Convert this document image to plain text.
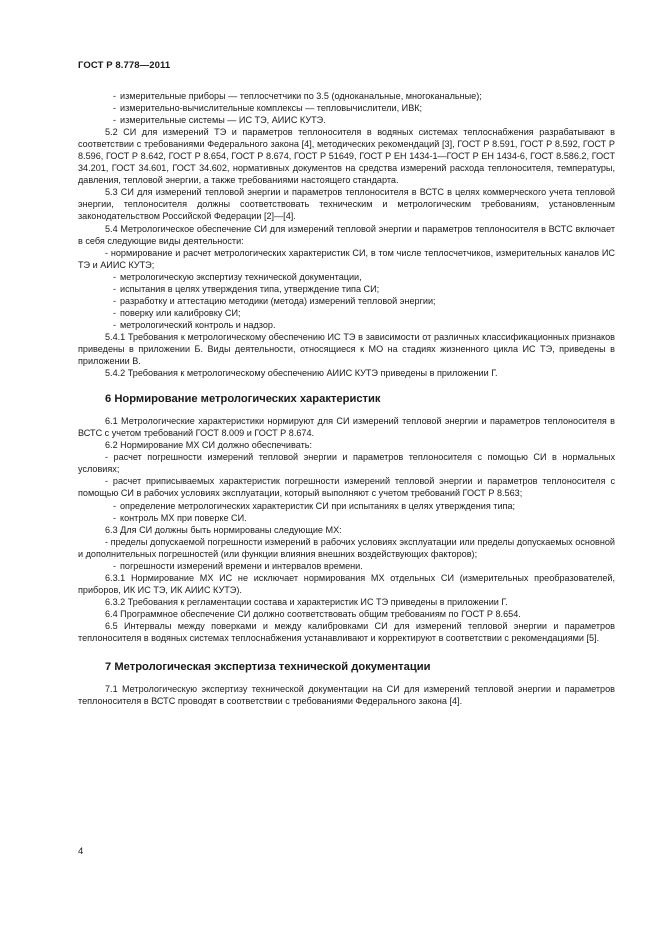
ГОСТ Р 8.778—2011
- измерительные приборы — теплосчетчики по 3.5 (одноканальные, многоканальные);
- измерительно-вычислительные комплексы — тепловычислители, ИВК;
- измерительные системы — ИС ТЭ, АИИС КУТЭ.

5.2 СИ для измерений ТЭ и параметров теплоносителя в водяных системах теплоснабжения разрабатывают в соответствии с требованиями Федерального закона [4], методических рекомендаций [3], ГОСТ Р 8.591, ГОСТ Р 8.592, ГОСТ Р 8.596, ГОСТ Р 8.642, ГОСТ Р 8.654, ГОСТ Р 8.674, ГОСТ Р 51649, ГОСТ Р ЕН 1434-1—ГОСТ Р ЕН 1434-6, ГОСТ 8.586.2, ГОСТ 34.201, ГОСТ 34.601, ГОСТ 34.602, нормативных документов на средства измерений расхода теплоносителя, температуры, давления, тепловой энергии, а также требованиями настоящего стандарта.

5.3 СИ для измерений тепловой энергии и параметров теплоносителя в ВСТС в целях коммерческого учета тепловой энергии, теплоносителя должны соответствовать техническим и метрологическим требованиям, установленным законодательством Российской Федерации [2]—[4].

5.4 Метрологическое обеспечение СИ для измерений тепловой энергии и параметров теплоносителя в ВСТС включает в себя следующие виды деятельности:

- нормирование и расчет метрологических характеристик СИ, в том числе теплосчетчиков, измерительных каналов ИС ТЭ и АИИС КУТЭ;
- метрологическую экспертизу технической документации,
- испытания в целях утверждения типа, утверждение типа СИ;
- разработку и аттестацию методики (метода) измерений тепловой энергии;
- поверку или калибровку СИ;
- метрологический контроль и надзор.

5.4.1 Требования к метрологическому обеспечению ИС ТЭ в зависимости от различных классификационных признаков приведены в приложении Б. Виды деятельности, относящиеся к МО на стадиях жизненного цикла ИС ТЭ, приведены в приложении В.

5.4.2 Требования к метрологическому обеспечению АИИС КУТЭ приведены в приложении Г.

6 Нормирование метрологических характеристик

6.1 Метрологические характеристики нормируют для СИ измерений тепловой энергии и параметров теплоносителя в ВСТС с учетом требований ГОСТ 8.009 и ГОСТ Р 8.674.

6.2 Нормирование МХ СИ должно обеспечивать:

- расчет погрешности измерений тепловой энергии и параметров теплоносителя с помощью СИ в нормальных условиях;
- расчет приписываемых характеристик погрешности измерений тепловой энергии и параметров теплоносителя с помощью СИ в рабочих условиях эксплуатации, который выполняют с учетом требований ГОСТ Р 8.563;
- определение метрологических характеристик СИ при испытаниях в целях утверждения типа;
- контроль МХ при поверке СИ.

6.3 Для СИ должны быть нормированы следующие МХ:

- пределы допускаемой погрешности измерений в рабочих условиях эксплуатации или пределы допускаемых основной и дополнительных погрешностей (или функции влияния внешних воздействующих факторов);
- погрешности измерений времени и интервалов времени.

6.3.1 Нормирование МХ ИС не исключает нормирования МХ отдельных СИ (измерительных преобразователей, приборов, ИК ИС ТЭ, ИК АИИС КУТЭ).

6.3.2 Требования к регламентации состава и характеристик ИС ТЭ приведены в приложении Г.

6.4 Программное обеспечение СИ должно соответствовать общим требованиям по ГОСТ Р 8.654.

6.5 Интервалы между поверками и между калибровками СИ для измерений тепловой энергии и параметров теплоносителя в водяных системах теплоснабжения устанавливают и корректируют в соответствии с рекомендациями [5].

7 Метрологическая экспертиза технической документации

7.1 Метрологическую экспертизу технической документации на СИ для измерений тепловой энергии и параметров теплоносителя в ВСТС проводят в соответствии с требованиями Федерального закона [4].

4
